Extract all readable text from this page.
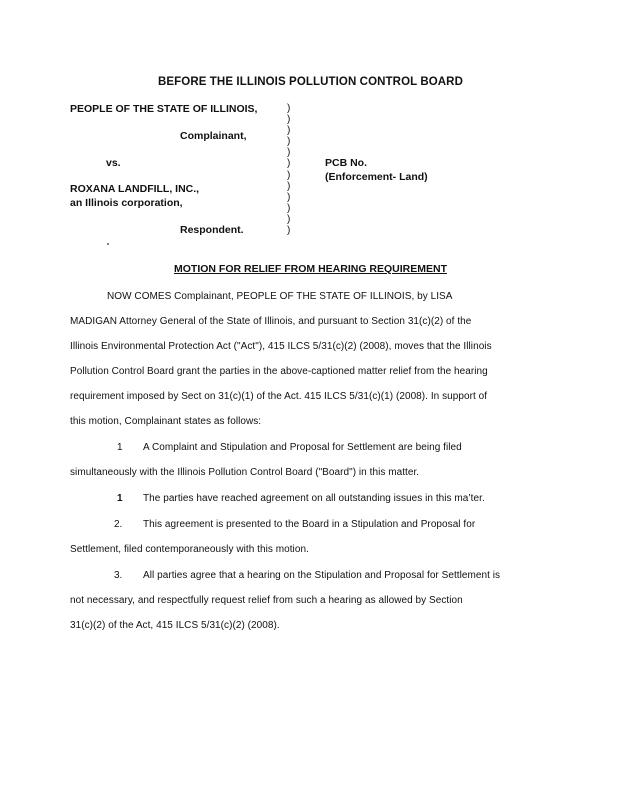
BEFORE THE ILLINOIS POLLUTION CONTROL BOARD
PEOPLE OF THE STATE OF ILLINOIS,
Complainant,
vs.
ROXANA LANDFILL, INC.,
an Illinois corporation,
Respondent.
PCB No.
(Enforcement- Land)
)
)
)
)
)
)
)
)
)
)
)
)
MOTION FOR RELIEF FROM HEARING REQUIREMENT
NOW COMES Complainant, PEOPLE OF THE STATE OF ILLINOIS, by LISA
MADIGAN Attorney General of the State of Illinois, and pursuant to Section 31(c)(2) of the
Illinois Environmental Protection Act ("Act"), 415 ILCS 5/31(c)(2) (2008), moves that the Illinois
Pollution Control Board grant the parties in the above-captioned matter relief from the hearing
requirement imposed by Sect on 31(c)(1) of the Act. 415 ILCS 5/31(c)(1) (2008). In support of
this motion, Complainant states as follows:
1 A Complaint and Stipulation and Proposal for Settlement are being filed
simultaneously with the Illinois Pollution Control Board ("Board") in this matter.
1 The parties have reached agreement on all outstanding issues in this ma’ter.
2. This agreement is presented to the Board in a Stipulation and Proposal for
Settlement, filed contemporaneously with this motion.
3. All parties agree that a hearing on the Stipulation and Proposal for Settlement is
not necessary, and respectfully request relief from such a hearing as allowed by Section
31(c)(2) of the Act, 415 ILCS 5/31(c)(2) (2008).
